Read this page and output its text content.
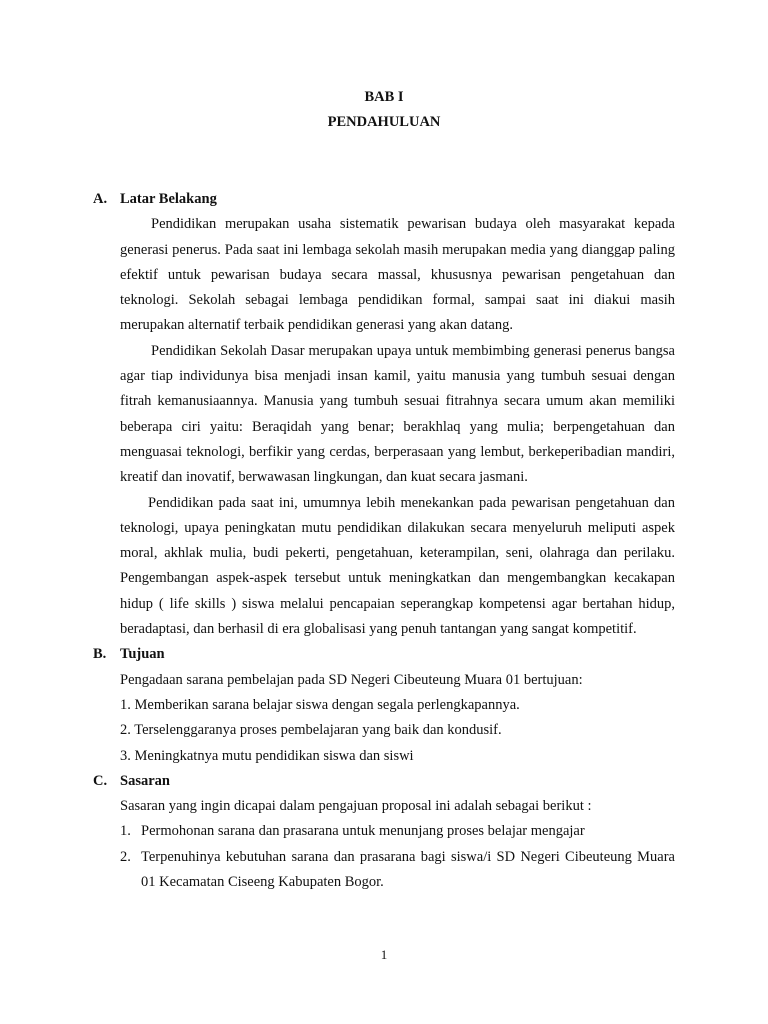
BAB I
PENDAHULUAN
A. Latar Belakang

Pendidikan merupakan usaha sistematik pewarisan budaya oleh masyarakat kepada generasi penerus. Pada saat ini lembaga sekolah masih merupakan media yang dianggap paling efektif untuk pewarisan budaya secara massal, khususnya pewarisan pengetahuan dan teknologi. Sekolah sebagai lembaga pendidikan formal, sampai saat ini diakui masih merupakan alternatif terbaik pendidikan generasi yang akan datang.

Pendidikan Sekolah Dasar merupakan upaya untuk membimbing generasi penerus bangsa agar tiap individunya bisa menjadi insan kamil, yaitu manusia yang tumbuh sesuai dengan fitrah kemanusiaannya. Manusia yang tumbuh sesuai fitrahnya secara umum akan memiliki beberapa ciri yaitu: Beraqidah yang benar; berakhlaq yang mulia; berpengetahuan dan menguasai teknologi, berfikir yang cerdas, berperasaan yang lembut, berkeperibadian mandiri, kreatif dan inovatif, berwawasan lingkungan, dan kuat secara jasmani.

Pendidikan pada saat ini, umumnya lebih menekankan pada pewarisan pengetahuan dan teknologi, upaya peningkatan mutu pendidikan dilakukan secara menyeluruh meliputi aspek moral, akhlak mulia, budi pekerti, pengetahuan, keterampilan, seni, olahraga dan perilaku. Pengembangan aspek-aspek tersebut untuk meningkatkan dan mengembangkan kecakapan hidup ( life skills ) siswa melalui pencapaian seperangkap kompetensi agar bertahan hidup, beradaptasi, dan berhasil di era globalisasi yang penuh tantangan yang sangat kompetitif.

B. Tujuan

Pengadaan sarana pembelajan pada SD Negeri Cibeuteung Muara 01 bertujuan:

1. Memberikan sarana belajar siswa dengan segala perlengkapannya.

2. Terselenggaranya proses pembelajaran yang baik dan kondusif.

3. Meningkatnya mutu pendidikan siswa dan siswi

C. Sasaran

Sasaran yang ingin dicapai dalam pengajuan proposal ini adalah sebagai berikut :

1. Permohonan sarana dan prasarana untuk menunjang proses belajar mengajar
2. Terpenuhinya kebutuhan sarana dan prasarana bagi siswa/i SD Negeri Cibeuteung Muara 01 Kecamatan Ciseeng Kabupaten Bogor.
1
